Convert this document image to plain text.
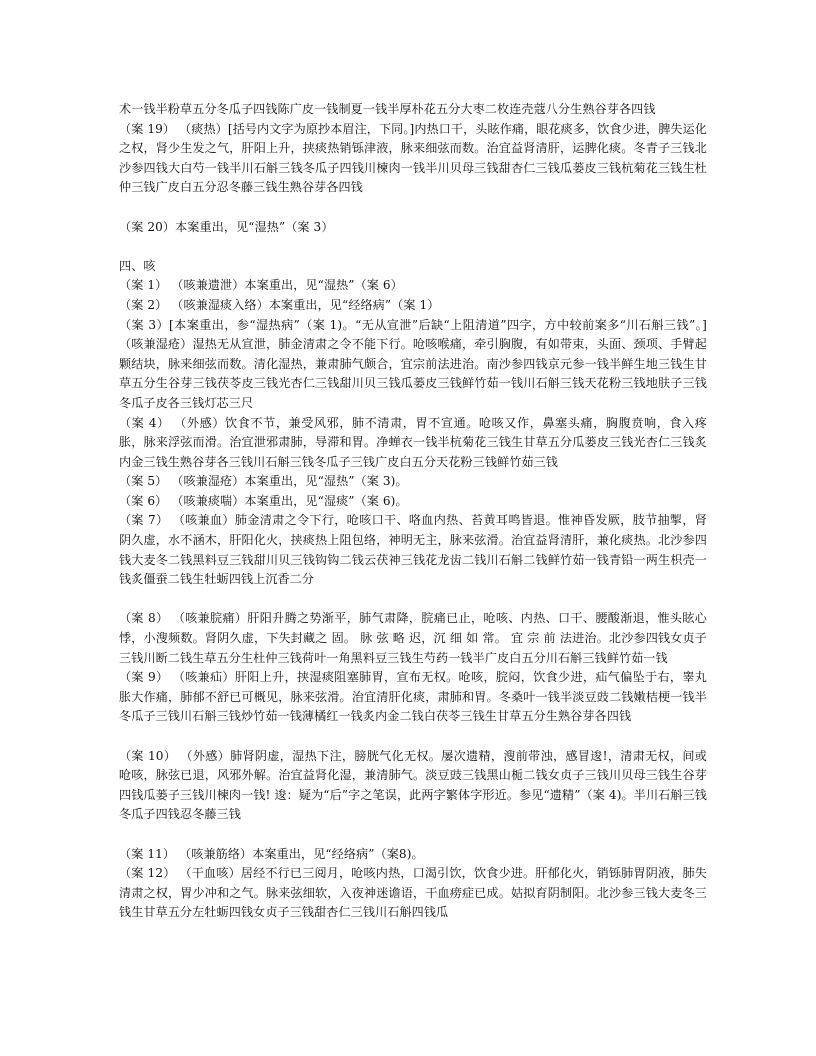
术一钱半粉草五分冬瓜子四钱陈广皮一钱制夏一钱半厚朴花五分大枣二枚连壳蔻八分生熟谷芽各四钱

（案 19） （痰热）[括号内文字为原抄本眉注，下同。]内热口干，头眩作痛，眼花痰多，饮食少进，脾失运化之权，肾少生发之气，肝阳上升，挟痰热销铄津液，脉来细弦而数。治宜益肾清肝，运脾化痰。冬青子三钱北沙参四钱大白芍一钱半川石斛三钱冬瓜子四钱川楝肉一钱半川贝母三钱甜杏仁三钱瓜蒌皮三钱杭菊花三钱生杜仲三钱广皮白五分忍冬藤三钱生熟谷芽各四钱

（案 20）本案重出，见“湿热”（案 3）

四、咳

（案 1） （咳兼遗泄）本案重出，见“湿热”（案 6）

（案 2） （咳兼湿痰入络）本案重出，见“经络病”（案 1）

（案 3）[本案重出，参“湿热病”（案 1)。“无从宣泄”后缺“上阻清道”四字，方中较前案多“川石斛三钱”。]（咳兼湿疮）湿热无从宣泄，肺金清肃之令不能下行。呛咳喉痛，牵引胸腹，有如带束，头面、颈项、手臂起颗结块，脉来细弦而数。清化湿热，兼肃肺气颇合，宜宗前法进治。南沙参四钱京元参一钱半鲜生地三钱生甘草五分生谷芽三钱茯苓皮三钱光杏仁三钱甜川贝三钱瓜蒌皮三钱鲜竹茹一钱川石斛三钱天花粉三钱地肤子三钱冬瓜子皮各三钱灯芯三尺

（案 4） （外感）饮食不节，兼受风邪，肺不清肃，胃不宣通。呛咳又作，鼻塞头痛，胸腹贲响，食入疼胀，脉来浮弦而滑。治宜泄邪肃肺，导滞和胃。净蝉衣一钱半杭菊花三钱生甘草五分瓜蒌皮三钱光杏仁三钱炙内金三钱生熟谷芽各三钱川石斛三钱冬瓜子三钱广皮白五分天花粉三钱鲜竹茹三钱

（案 5） （咳兼湿疮）本案重出，见“湿热”（案 3)。

（案 6） （咳兼痰喘）本案重出，见“湿痰”（案 6)。

（案 7） （咳兼血）肺金清肃之令下行，呛咳口干、咯血内热、苔黄耳鸣皆退。惟神昏发厥，肢节抽掣，肾阴久虚，水不涵木，肝阳化火，挟痰热上阻包络，神明无主，脉来弦滑。治宜益肾清肝，兼化痰热。北沙参四钱大麦冬二钱黑料豆三钱甜川贝三钱钩钩二钱云茯神三钱花龙齿二钱川石斛二钱鲜竹茹一钱青铅一两生枳壳一钱炙僵蚕二钱生牡蛎四钱上沉香二分

（案 8） （咳兼脘痛）肝阳升腾之势渐平，肺气肃降，脘痛已止，呛咳、内热、口干、腰酸渐退，惟头眩心悸，小溲频数。肾阴久虚，下失封藏之 固。 脉 弦 略 迟，沉 细 如 常。 宜 宗 前 法进治。北沙参四钱女贞子三钱川断二钱生草五分生杜仲三钱荷叶一角黑料豆三钱生芍药一钱半广皮白五分川石斛三钱鲜竹茹一钱

（案 9） （咳兼疝）肝阳上升，挟湿痰阻塞肺胃，宣布无权。呛咳，脘闷，饮食少进，疝气偏坠于右，睾丸胀大作痛，肺郁不舒已可概见，脉来弦滑。治宜清肝化痰，肃肺和胃。冬桑叶一钱半淡豆豉二钱嫩桔梗一钱半冬瓜子三钱川石斛三钱炒竹茹一钱薄橘红一钱炙内金二钱白茯苓三钱生甘草五分生熟谷芽各四钱

（案 10） （外感）肺肾阴虚，湿热下注，膀胱气化无权。屡次遗精，溲前带浊，感冒逡!，清肃无权，间或呛咳，脉弦已退，风邪外解。治宜益肾化湿，兼清肺气。淡豆豉三钱黑山栀二钱女贞子三钱川贝母三钱生谷芽四钱瓜蒌子三钱川楝肉一钱! 逡：疑为“后”字之笔误，此两字繁体字形近。参见“遗精”（案 4)。半川石斛三钱冬瓜子四钱忍冬藤三钱

（案 11） （咳兼筋络）本案重出，见“经络病”（案8)。

（案 12） （干血咳）居经不行已三阅月，呛咳内热，口渴引饮，饮食少进。肝郁化火，销铄肺胃阴液，肺失清肃之权，胃少冲和之气。脉来弦细软，入夜神迷谵语，干血痨症已成。姑拟育阴制阳。北沙参三钱大麦冬三钱生甘草五分左牡蛎四钱女贞子三钱甜杏仁三钱川石斛四钱瓜
